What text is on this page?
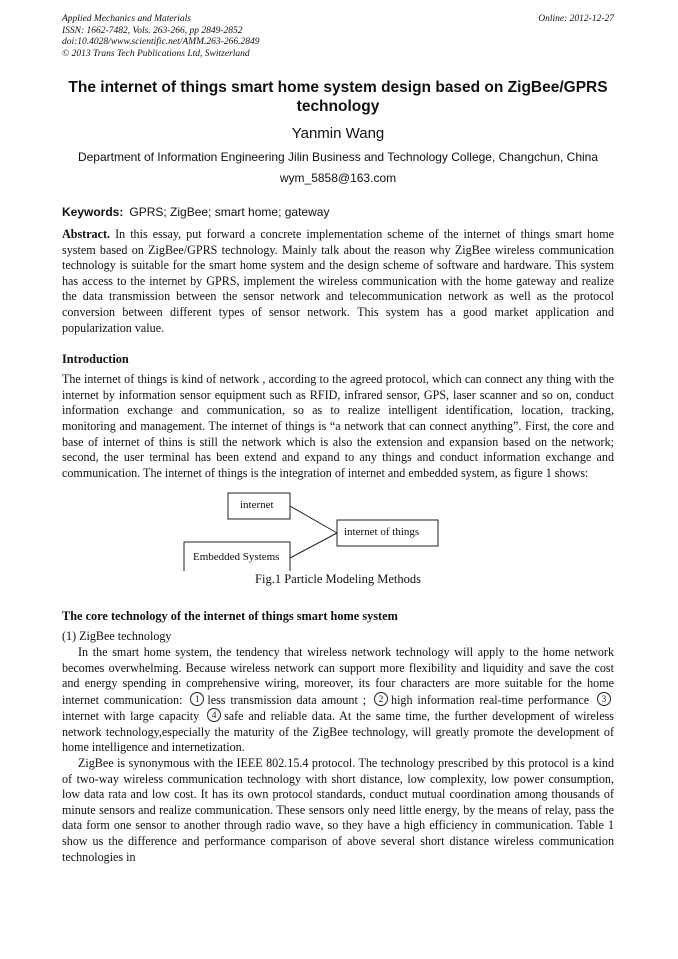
Applied Mechanics and Materials
ISSN: 1662-7482, Vols. 263-266, pp 2849-2852
doi:10.4028/www.scientific.net/AMM.263-266.2849
© 2013 Trans Tech Publications Ltd, Switzerland
Online: 2012-12-27
The internet of things smart home system design based on ZigBee/GPRS technology
Yanmin Wang
Department of Information Engineering Jilin Business and Technology College, Changchun, China
wym_5858@163.com
Keywords: GPRS; ZigBee; smart home; gateway

Abstract. In this essay, put forward a concrete implementation scheme of the internet of things smart home system based on ZigBee/GPRS technology. Mainly talk about the reason why ZigBee wireless communication technology is suitable for the smart home system and the design scheme of software and hardware. This system has access to the internet by GPRS, implement the wireless communication with the home gateway and realize the data transmission between the sensor network and telecommunication network as well as the protocol conversion between different types of sensor network. This system has a good market application and popularization value.

Introduction

The internet of things is kind of network , according to the agreed protocol, which can connect any thing with the internet by information sensor equipment such as RFID, infrared sensor, GPS, laser scanner and so on, conduct information exchange and communication, so as to realize intelligent identification, location, tracking, monitoring and management. The internet of things is “a network that can connect anything”. First, the core and base of internet of thins is still the network which is also the extension and expansion based on the network; second, the user terminal has been extend and expand to any things and conduct information exchange and communication. The internet of things is the integration of internet and embedded system, as figure 1 shows:

internet
Embedded Systems
internet of things
Fig.1 Particle Modeling Methods
The core technology of the internet of things smart home system
(1) ZigBee technology

In the smart home system, the tendency that wireless network technology will apply to the home network becomes overwhelming. Because wireless network can support more flexibility and liquidity and save the cost and energy spending in comprehensive wiring, moreover, its four characters are more suitable for the home internet communication: 1 less transmission data amount ; 2 high information real-time performance 3internet with large capacity 4 safe and reliable data. At the same time, the further development of wireless network technology,especially the maturity of the ZigBee technology, will greatly promote the development of home intelligence and internetization.

ZigBee is synonymous with the IEEE 802.15.4 protocol. The technology prescribed by this protocol is a kind of two-way wireless communication technology with short distance, low complexity, low power consumption, low data rata and low cost. It has its own protocol standards, conduct mutual coordination among thousands of minute sensors and realize communication. These sensors only need little energy, by the means of relay, pass the data form one sensor to another through radio wave, so they have a high efficiency in communication. Table 1 show us the difference and performance comparison of above several short distance wireless communication technologies in
